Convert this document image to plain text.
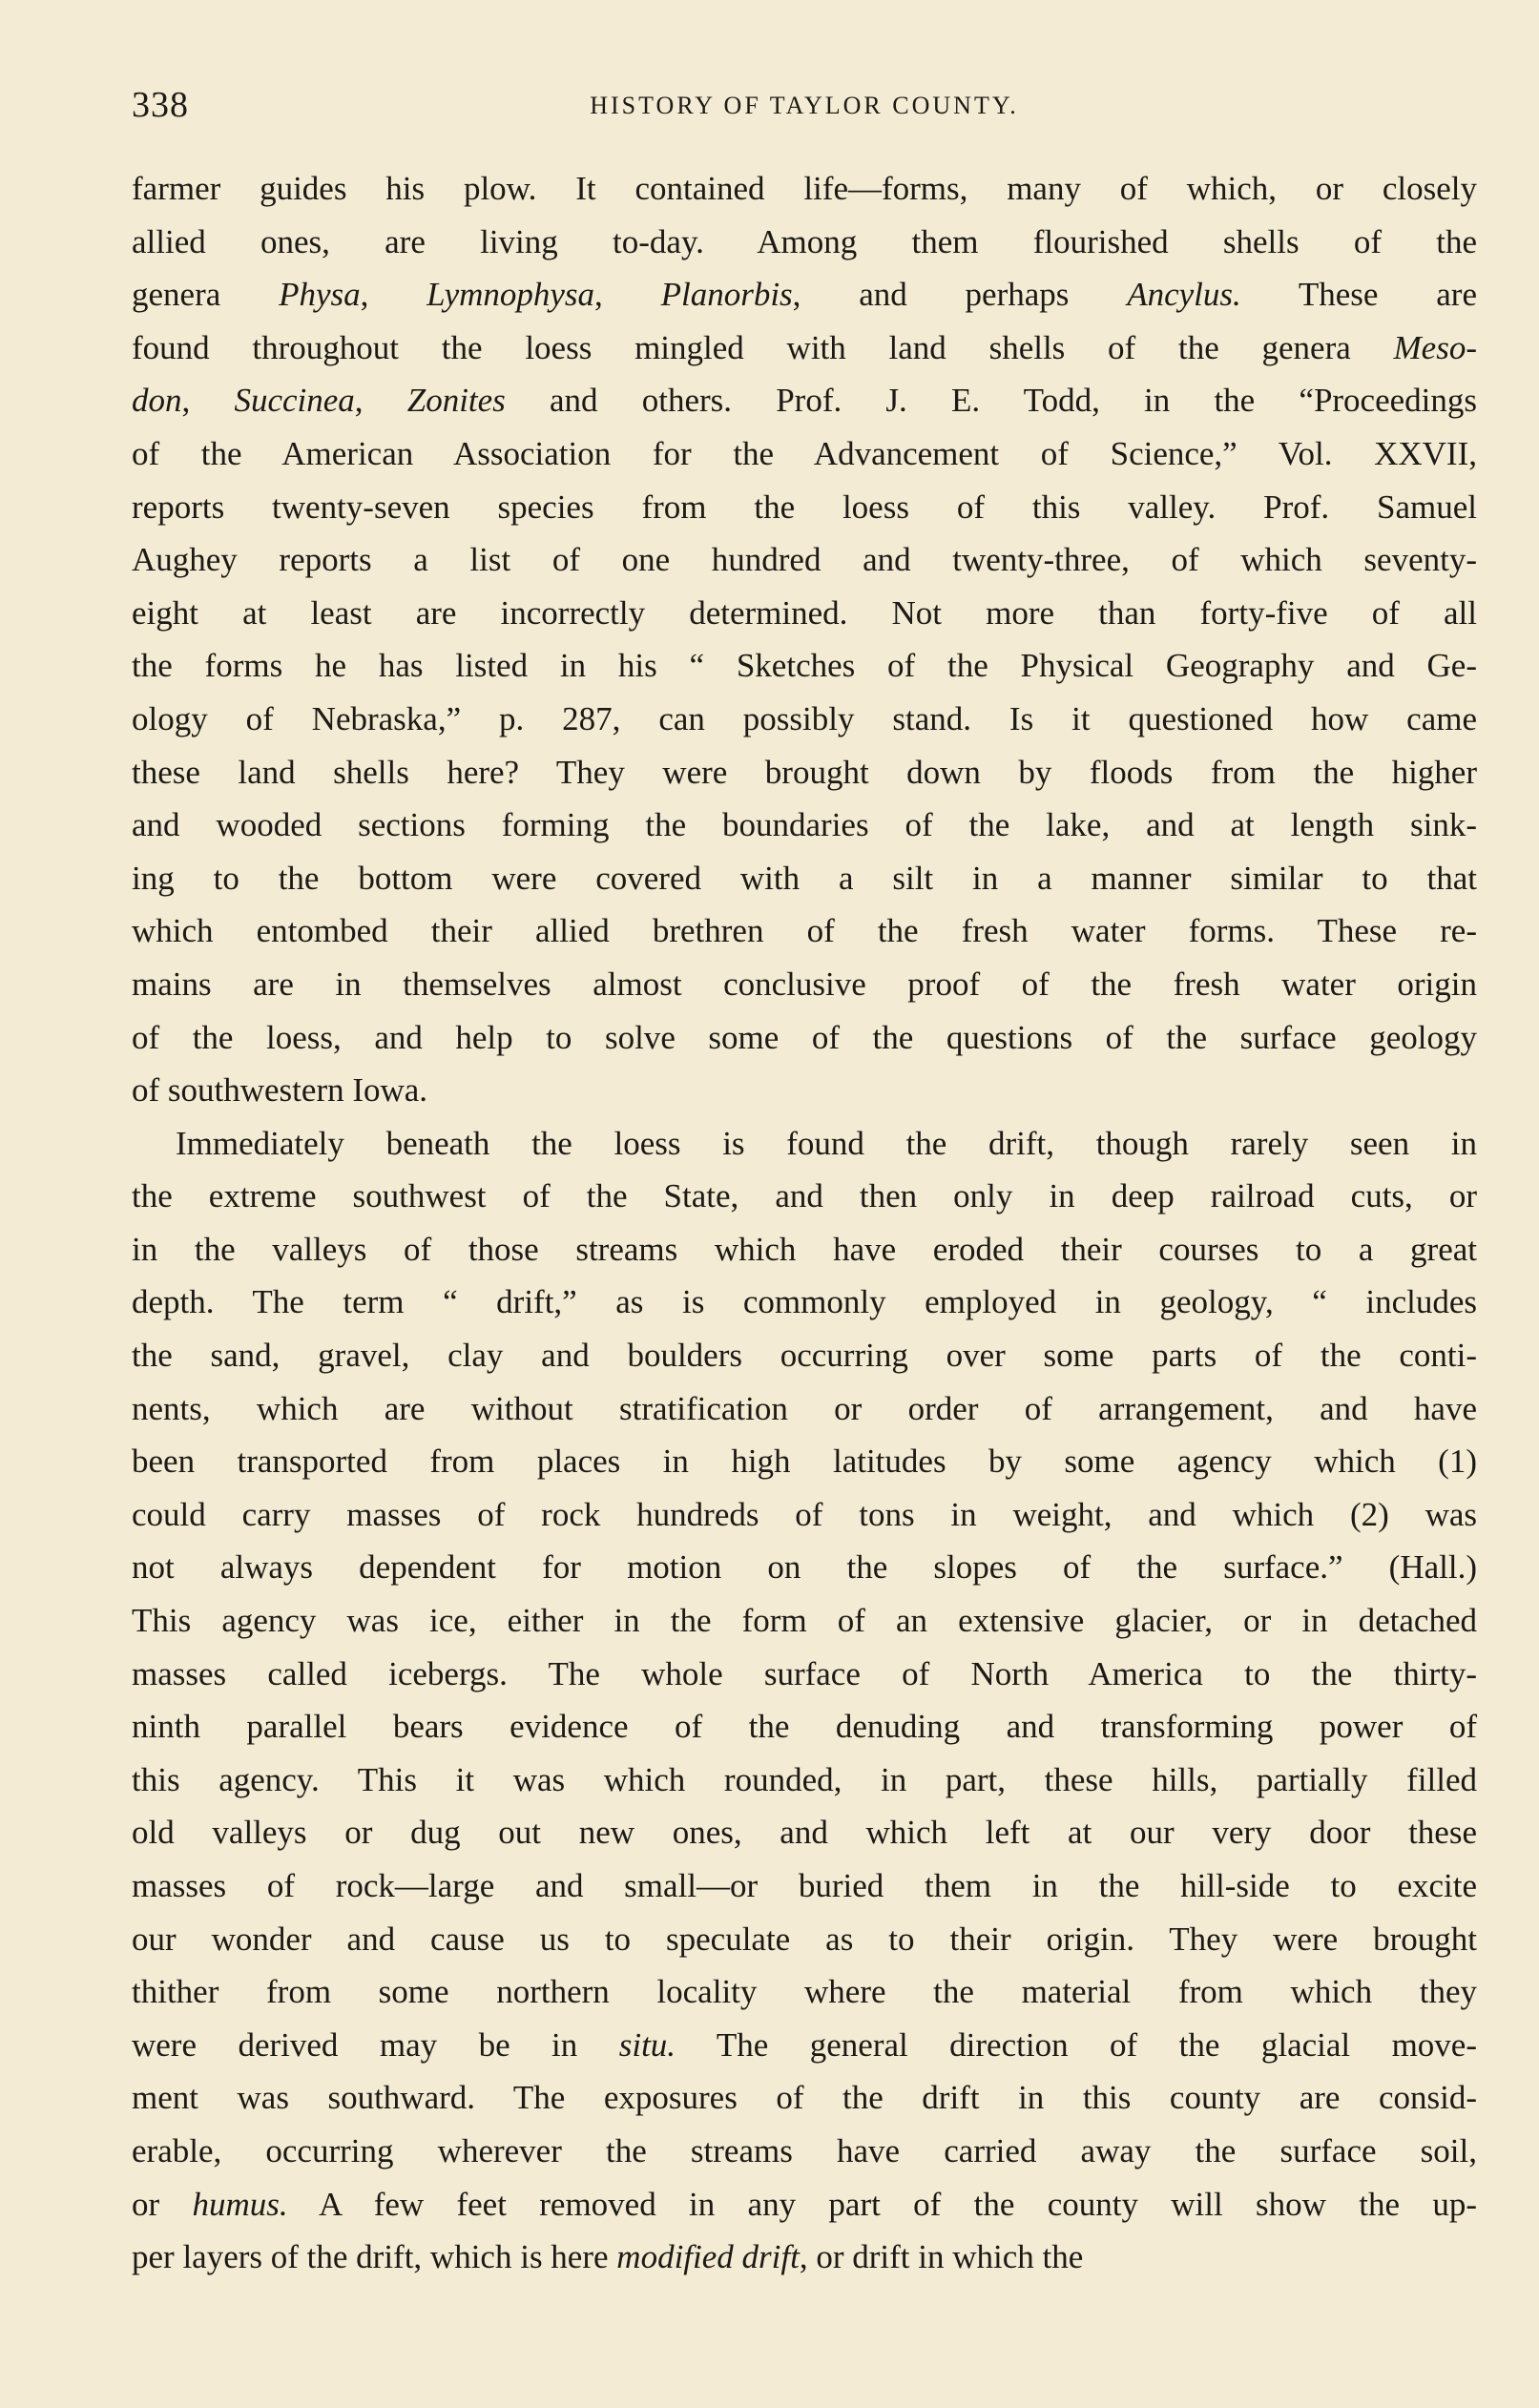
338	HISTORY OF TAYLOR COUNTY.
farmer guides his plow. It contained life—forms, many of which, or closely
allied ones, are living to-day. Among them flourished shells of the
genera Physa, Lymnophysa, Planorbis, and perhaps Ancylus. These are
found throughout the loess mingled with land shells of the genera Meso-
don, Succinea, Zonites and others. Prof. J. E. Todd, in the “Proceedings
of the American Association for the Advancement of Science,” Vol. XXVII,
reports twenty-seven species from the loess of this valley. Prof. Samuel
Aughey reports a list of one hundred and twenty-three, of which seventy-
eight at least are incorrectly determined. Not more than forty-five of all
the forms he has listed in his “ Sketches of the Physical Geography and Ge-
ology of Nebraska,” p. 287, can possibly stand. Is it questioned how came
these land shells here? They were brought down by floods from the higher
and wooded sections forming the boundaries of the lake, and at length sink-
ing to the bottom were covered with a silt in a manner similar to that
which entombed their allied brethren of the fresh water forms. These re-
mains are in themselves almost conclusive proof of the fresh water origin
of the loess, and help to solve some of the questions of the surface geology
of southwestern Iowa.
Immediately beneath the loess is found the drift, though rarely seen in
the extreme southwest of the State, and then only in deep railroad cuts, or
in the valleys of those streams which have eroded their courses to a great
depth. The term “ drift,” as is commonly employed in geology, “ includes
the sand, gravel, clay and boulders occurring over some parts of the conti-
nents, which are without stratification or order of arrangement, and have
been transported from places in high latitudes by some agency which (1)
could carry masses of rock hundreds of tons in weight, and which (2) was
not always dependent for motion on the slopes of the surface.” (Hall.)
This agency was ice, either in the form of an extensive glacier, or in detached
masses called icebergs. The whole surface of North America to the thirty-
ninth parallel bears evidence of the denuding and transforming power of
this agency. This it was which rounded, in part, these hills, partially filled
old valleys or dug out new ones, and which left at our very door these
masses of rock—large and small—or buried them in the hill-side to excite
our wonder and cause us to speculate as to their origin. They were brought
thither from some northern locality where the material from which they
were derived may be in situ. The general direction of the glacial move-
ment was southward. The exposures of the drift in this county are consid-
erable, occurring wherever the streams have carried away the surface soil,
or humus. A few feet removed in any part of the county will show the up-
per layers of the drift, which is here modified drift, or drift in which the
